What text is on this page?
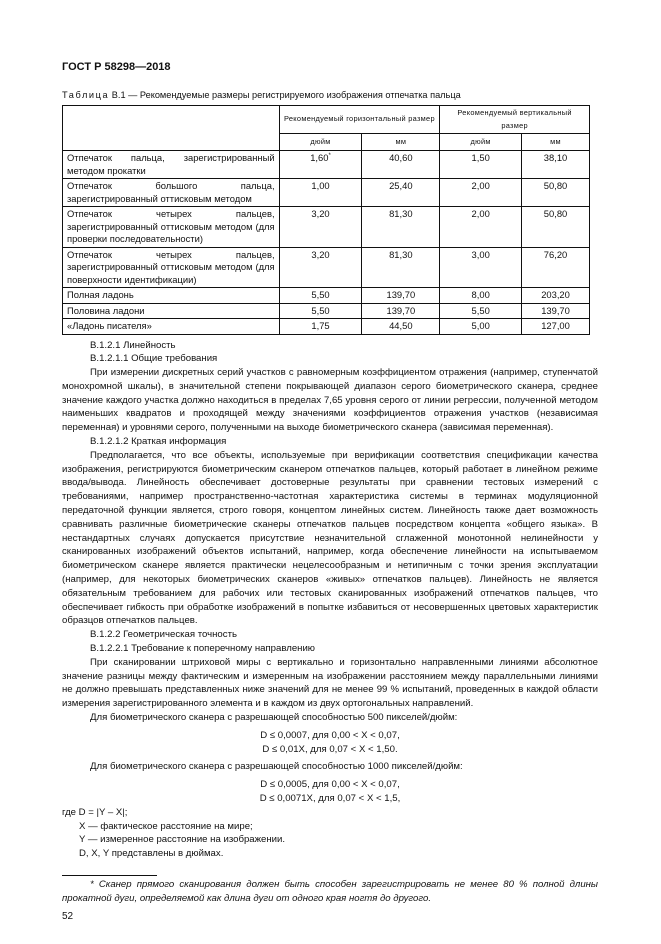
ГОСТ Р 58298—2018
Таблица В.1 — Рекомендуемые размеры регистрируемого изображения отпечатка пальца
	Рекомендуемый горизонтальный размер		Рекомендуемый вертикальный размер	
	дюйм	мм	дюйм	мм
Отпечаток пальца, зарегистрированный методом прокатки	1,60*	40,60	1,50	38,10
Отпечаток большого пальца, зарегистрированный оттисковым методом	1,00	25,40	2,00	50,80
Отпечаток четырех пальцев, зарегистрированный оттисковым методом (для проверки последовательности)	3,20	81,30	2,00	50,80
Отпечаток четырех пальцев, зарегистрированный оттисковым методом (для поверхности идентификации)	3,20	81,30	3,00	76,20
Полная ладонь	5,50	139,70	8,00	203,20
Половина ладони	5,50	139,70	5,50	139,70
«Ладонь писателя»	1,75	44,50	5,00	127,00

В.1.2.1 Линейность

В.1.2.1.1 Общие требования

При измерении дискретных серий участков с равномерным коэффициентом отражения (например, ступенчатой монохромной шкалы), в значительной степени покрывающей диапазон серого биометрического сканера, среднее значение каждого участка должно находиться в пределах 7,65 уровня серого от линии регрессии, полученной методом наименьших квадратов и проходящей между значениями коэффициентов отражения участков (независимая переменная) и уровнями серого, полученными на выходе биометрического сканера (зависимая переменная).

В.1.2.1.2 Краткая информация

Предполагается, что все объекты, используемые при верификации соответствия спецификации качества изображения, регистрируются биометрическим сканером отпечатков пальцев, который работает в линейном режиме ввода/вывода. Линейность обеспечивает достоверные результаты при сравнении тестовых измерений с требованиями, например пространственно-частотная характеристика системы в терминах модуляционной передаточной функции является, строго говоря, концептом линейных систем. Линейность также дает возможность сравнивать различные биометрические сканеры отпечатков пальцев посредством концепта «общего языка». В нестандартных случаях допускается присутствие незначительной сглаженной монотонной нелинейности у сканированных изображений объектов испытаний, например, когда обеспечение линейности на испытываемом биометрическом сканере является практически нецелесообразным и нетипичным с точки зрения эксплуатации (например, для некоторых биометрических сканеров «живых» отпечатков пальцев). Линейность не является обязательным требованием для рабочих или тестовых сканированных изображений отпечатков пальцев, что обеспечивает гибкость при обработке изображений в попытке избавиться от несовершенных цветовых характеристик образцов отпечатков пальцев.

В.1.2.2 Геометрическая точность

В.1.2.2.1 Требование к поперечному направлению

При сканировании штриховой миры с вертикально и горизонтально направленными линиями абсолютное значение разницы между фактическим и измеренным на изображении расстоянием между параллельными линиями не должно превышать представленных ниже значений для не менее 99 % испытаний, проведенных в каждой области измерения зарегистрированного элемента и в каждом из двух ортогональных направлений.

Для биометрического сканера с разрешающей способностью 500 пикселей/дюйм:

D ≤ 0,0007, для 0,00 < X < 0,07,

D ≤ 0,01X, для 0,07 < X < 1,50.

Для биометрического сканера с разрешающей способностью 1000 пикселей/дюйм:

D ≤ 0,0005, для 0,00 < X < 0,07,

D ≤ 0,0071X, для 0,07 < X < 1,5,

где D = |Y – X|;

X — фактическое расстояние на мире;

Y — измеренное расстояние на изображении.

D, X, Y представлены в дюймах.

* Сканер прямого сканирования должен быть способен зарегистрировать не менее 80 % полной длины прокатной дуги, определяемой как длина дуги от одного края ногтя до другого.
52
